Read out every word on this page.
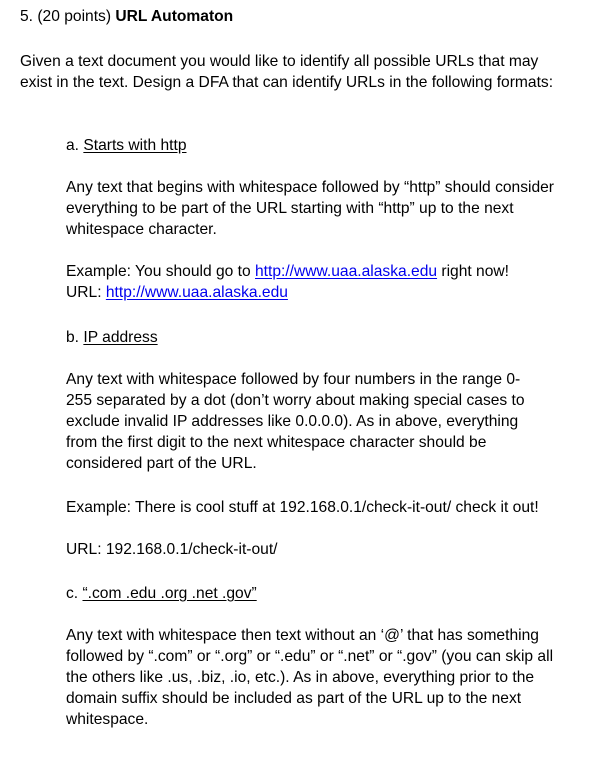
5. (20 points) URL Automaton

Given a text document you would like to identify all possible URLs that may exist in the text. Design a DFA that can identify URLs in the following formats:

a. Starts with http

Any text that begins with whitespace followed by “http” should consider everything to be part of the URL starting with “http” up to the next whitespace character.

Example: You should go to http://www.uaa.alaska.edu right now!
URL: http://www.uaa.alaska.edu
b. IP address

Any text with whitespace followed by four numbers in the range 0-255 separated by a dot (don’t worry about making special cases to exclude invalid IP addresses like 0.0.0.0). As in above, everything from the first digit to the next whitespace character should be considered part of the URL.

Example: There is cool stuff at 192.168.0.1/check-it-out/ check it out!

URL: 192.168.0.1/check-it-out/

c. “.com .edu .org .net .gov”

Any text with whitespace then text without an ‘@’ that has something followed by “.com” or “.org” or “.edu” or “.net” or “.gov” (you can skip all the others like .us, .biz, .io, etc.). As in above, everything prior to the domain suffix should be included as part of the URL up to the next whitespace.
